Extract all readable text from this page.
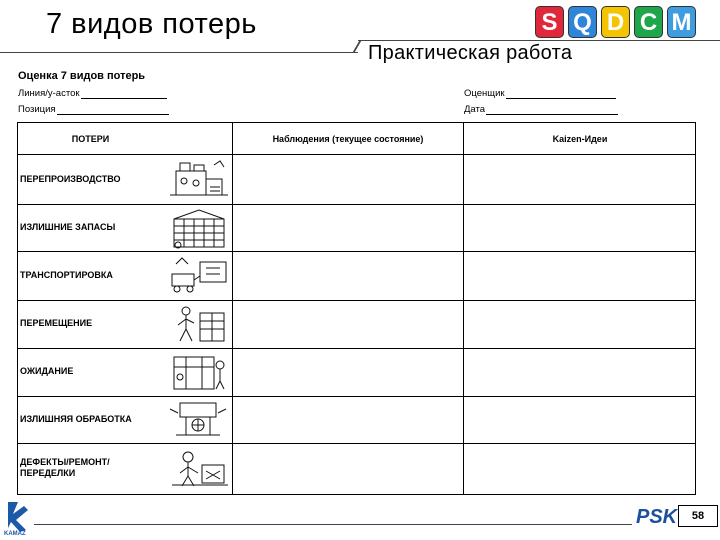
7 видов потерь	S Q D C M
Практическая работа
Оценка 7 видов потерь
Линия/у-асток
Позиция
Оценщик
Дата
ПОТЕРИ	Наблюдения (текущее состояние)	Kaizen-Идеи
ПЕРЕПРОИЗВОДСТВО
ИЗЛИШНИЕ ЗАПАСЫ
ТРАНСПОРТИРОВКА
ПЕРЕМЕЩЕНИЕ
ОЖИДАНИЕ
ИЗЛИШНЯЯ ОБРАБОТКА
ДЕФЕКТЫ/РЕМОНТ/ ПЕРЕДЕЛКИ
KAMAZ
PSK	58
